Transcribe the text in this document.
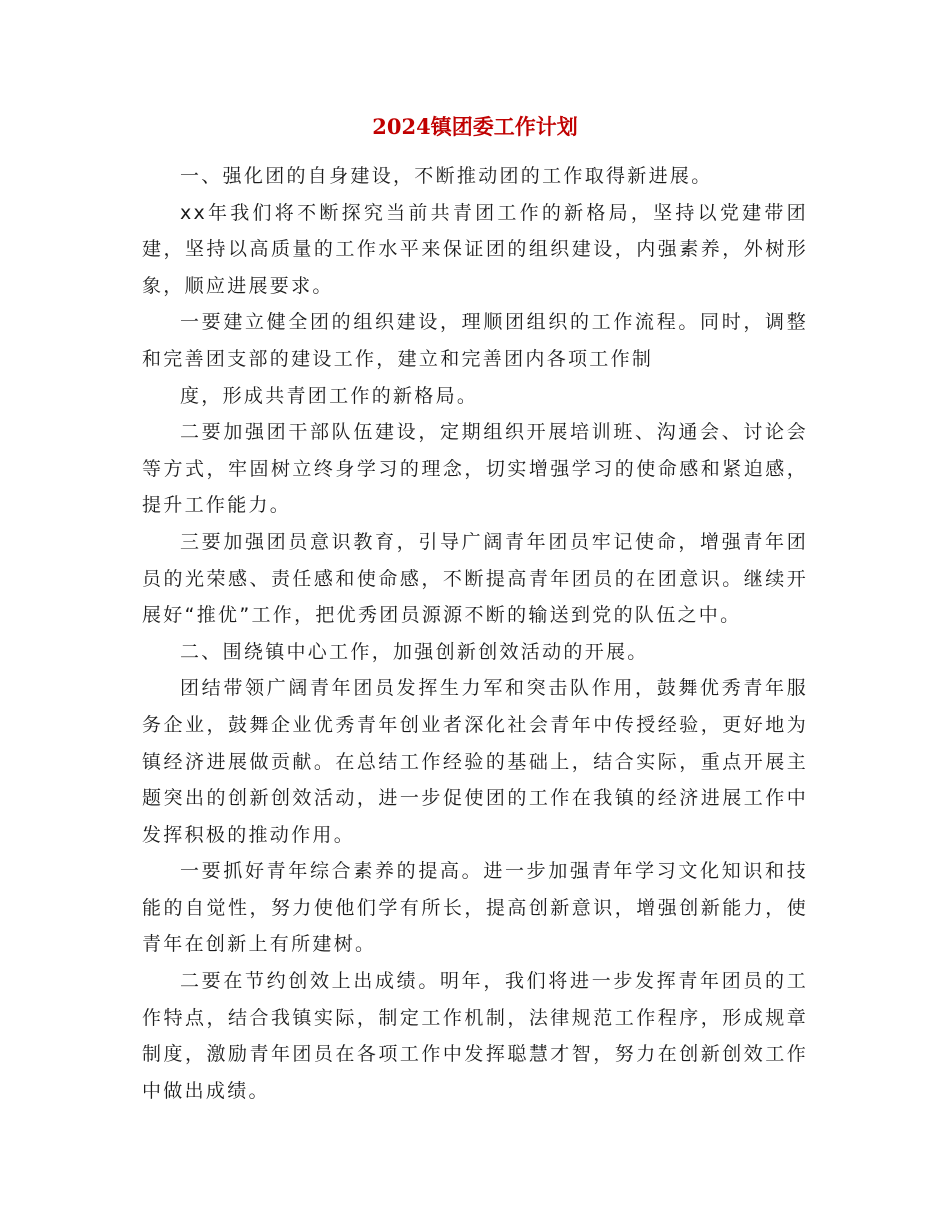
2024镇团委工作计划

一、强化团的自身建设，不断推动团的工作取得新进展。

xx年我们将不断探究当前共青团工作的新格局，坚持以党建带团建，坚持以高质量的工作水平来保证团的组织建设，内强素养，外树形象，顺应进展要求。

一要建立健全团的组织建设，理顺团组织的工作流程。同时，调整和完善团支部的建设工作，建立和完善团内各项工作制

度，形成共青团工作的新格局。

二要加强团干部队伍建设，定期组织开展培训班、沟通会、讨论会等方式，牢固树立终身学习的理念，切实增强学习的使命感和紧迫感，提升工作能力。

三要加强团员意识教育，引导广阔青年团员牢记使命，增强青年团员的光荣感、责任感和使命感，不断提高青年团员的在团意识。继续开展好“推优”工作，把优秀团员源源不断的输送到党的队伍之中。

二、围绕镇中心工作，加强创新创效活动的开展。

团结带领广阔青年团员发挥生力军和突击队作用，鼓舞优秀青年服务企业，鼓舞企业优秀青年创业者深化社会青年中传授经验，更好地为镇经济进展做贡献。在总结工作经验的基础上，结合实际，重点开展主题突出的创新创效活动，进一步促使团的工作在我镇的经济进展工作中发挥积极的推动作用。

一要抓好青年综合素养的提高。进一步加强青年学习文化知识和技能的自觉性，努力使他们学有所长，提高创新意识，增强创新能力，使青年在创新上有所建树。

二要在节约创效上出成绩。明年，我们将进一步发挥青年团员的工作特点，结合我镇实际，制定工作机制，法律规范工作程序，形成规章制度，激励青年团员在各项工作中发挥聪慧才智，努力在创新创效工作中做出成绩。
